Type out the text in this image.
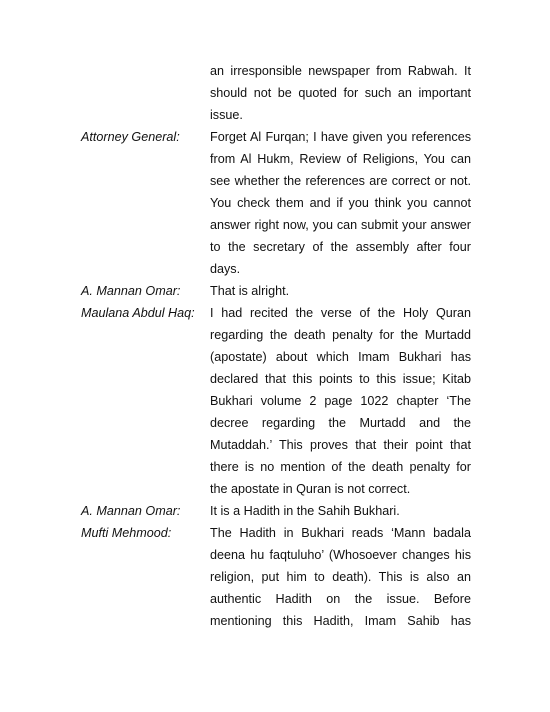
an irresponsible newspaper from Rabwah. It
should not be quoted for such an important
issue.
Attorney General:	Forget Al Furqan; I have given you references
from Al Hukm, Review of Religions, You can
see whether the references are correct or not.
You check them and if you think you cannot
answer right now, you can submit your answer
to the secretary of the assembly after four
days.
A. Mannan Omar:	That is alright.
Maulana Abdul Haq:	I had recited the verse of the Holy Quran
regarding the death penalty for the Murtadd
(apostate) about which Imam Bukhari has
declared that this points to this issue; Kitab
Bukhari volume 2 page 1022 chapter ‘The
decree regarding the Murtadd and the
Mutaddah.’ This proves that their point that
there is no mention of the death penalty for
the apostate in Quran is not correct.
A. Mannan Omar:	It is a Hadith in the Sahih Bukhari.
Mufti Mehmood:	The Hadith in Bukhari reads ‘Mann badala
deena hu faqtuluho’ (Whosoever changes his
religion, put him to death). This is also an
authentic Hadith on the issue. Before
mentioning this Hadith, Imam Sahib has
